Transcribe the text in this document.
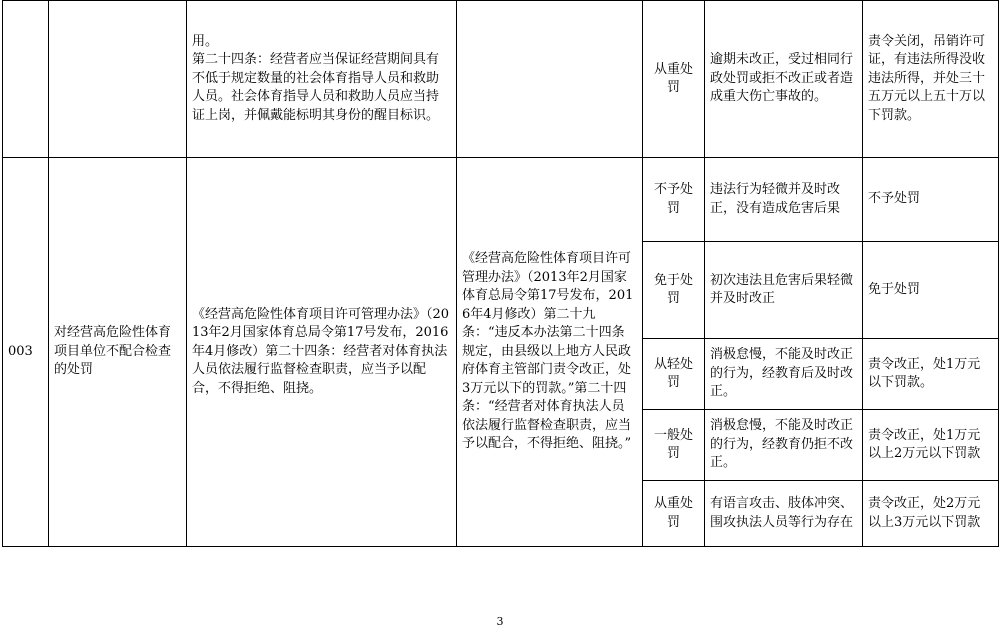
		用。

第二十四条：经营者应当保证经营期间具有不低于规定数量的社会体育指导人员和救助人员。社会体育指导人员和救助人员应当持证上岗，并佩戴能标明其身份的醒目标识。		从重处罚	逾期未改正，受过相同行政处罚或拒不改正或者造成重大伤亡事故的。	责令关闭，吊销许可证，有违法所得没收违法所得，并处三十五万元以上五十万以下罚款。
003	对经营高危险性体育项目单位不配合检查的处罚	《经营高危险性体育项目许可管理办法》（2013年2月国家体育总局令第17号发布，2016年4月修改）第二十四条：经营者对体育执法人员依法履行监督检查职责，应当予以配合，不得拒绝、阻挠。	《经营高危险性体育项目许可管理办法》（2013年2月国家体育总局令第17号发布，2016年4月修改）第二十九条：“违反本办法第二十四条规定，由县级以上地方人民政府体育主管部门责令改正，处3万元以下的罚款。”第二十四条：“经营者对体育执法人员依法履行监督检查职责，应当予以配合，不得拒绝、阻挠。”	不予处罚	违法行为轻微并及时改正，没有造成危害后果	不予处罚
				免于处罚	初次违法且危害后果轻微并及时改正	免于处罚
				从轻处罚	消极怠慢，不能及时改正的行为，经教育后及时改正。	责令改正，处1万元以下罚款。
				一般处罚	消极怠慢，不能及时改正的行为，经教育仍拒不改正。	责令改正，处1万元以上2万元以下罚款
				从重处罚	有语言攻击、肢体冲突、围攻执法人员等行为存在	责令改正，处2万元以上3万元以下罚款
3
